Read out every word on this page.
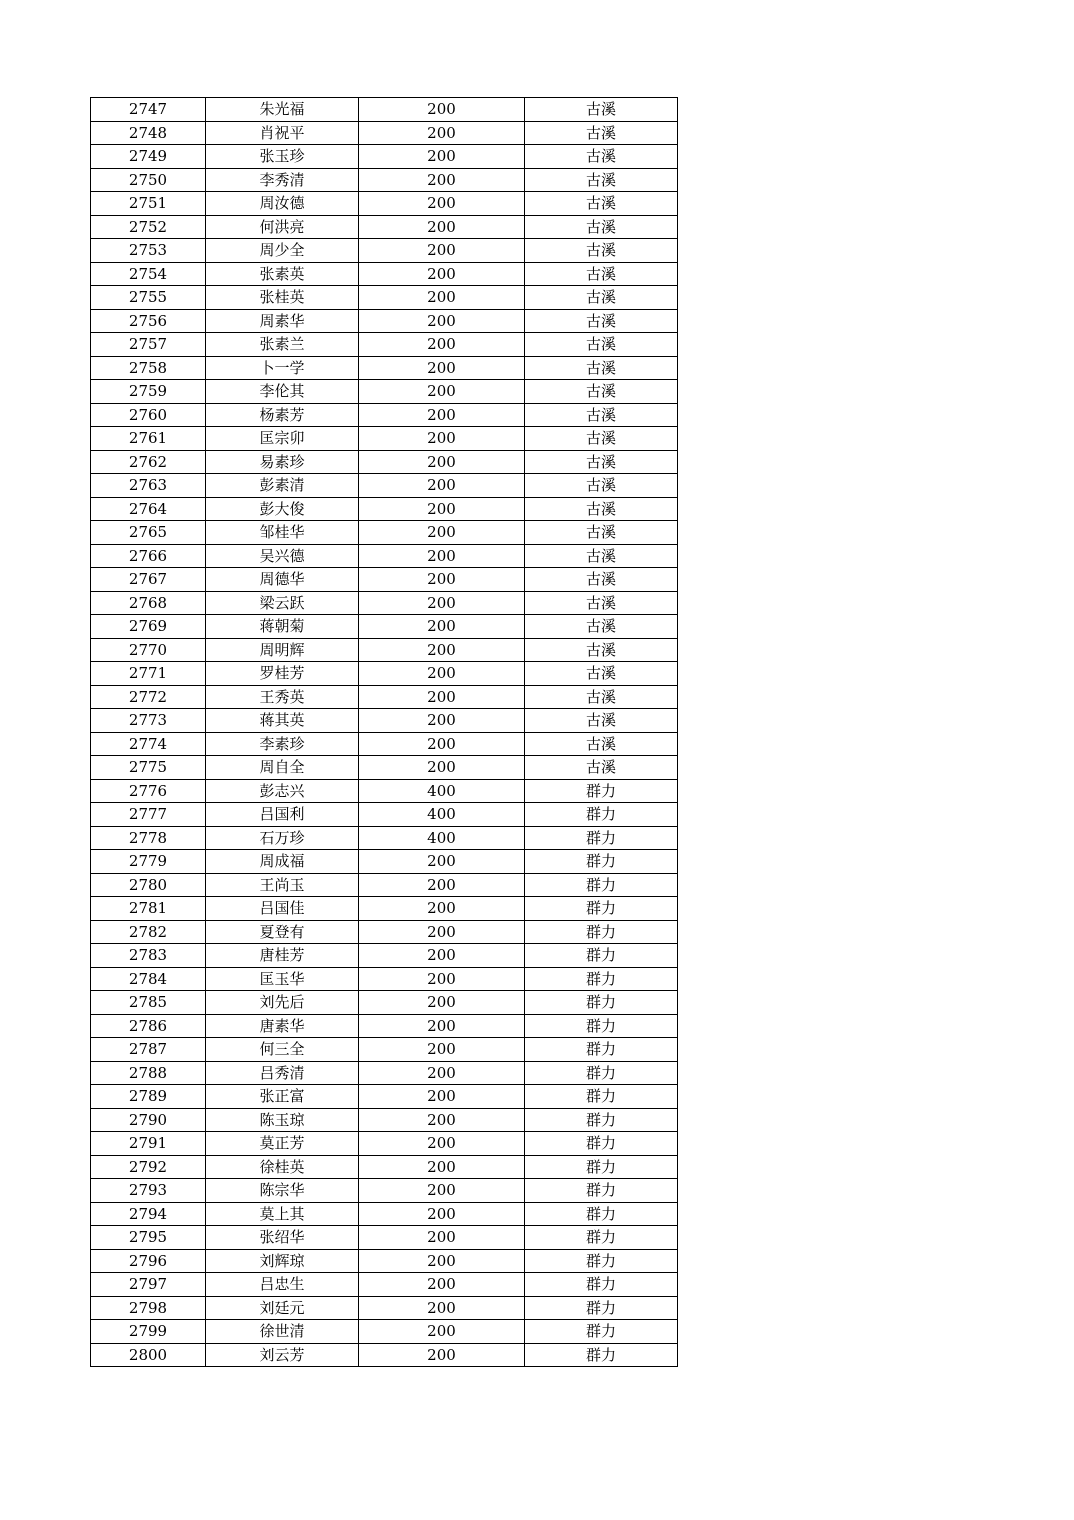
2747	朱光福	200	古溪
2748	肖祝平	200	古溪
2749	张玉珍	200	古溪
2750	李秀清	200	古溪
2751	周汝德	200	古溪
2752	何洪亮	200	古溪
2753	周少全	200	古溪
2754	张素英	200	古溪
2755	张桂英	200	古溪
2756	周素华	200	古溪
2757	张素兰	200	古溪
2758	卜一学	200	古溪
2759	李伦其	200	古溪
2760	杨素芳	200	古溪
2761	匡宗卯	200	古溪
2762	易素珍	200	古溪
2763	彭素清	200	古溪
2764	彭大俊	200	古溪
2765	邹桂华	200	古溪
2766	吴兴德	200	古溪
2767	周德华	200	古溪
2768	梁云跃	200	古溪
2769	蒋朝菊	200	古溪
2770	周明辉	200	古溪
2771	罗桂芳	200	古溪
2772	王秀英	200	古溪
2773	蒋其英	200	古溪
2774	李素珍	200	古溪
2775	周自全	200	古溪
2776	彭志兴	400	群力
2777	吕国利	400	群力
2778	石万珍	400	群力
2779	周成福	200	群力
2780	王尚玉	200	群力
2781	吕国佳	200	群力
2782	夏登有	200	群力
2783	唐桂芳	200	群力
2784	匡玉华	200	群力
2785	刘先后	200	群力
2786	唐素华	200	群力
2787	何三全	200	群力
2788	吕秀清	200	群力
2789	张正富	200	群力
2790	陈玉琼	200	群力
2791	莫正芳	200	群力
2792	徐桂英	200	群力
2793	陈宗华	200	群力
2794	莫上其	200	群力
2795	张绍华	200	群力
2796	刘辉琼	200	群力
2797	吕忠生	200	群力
2798	刘廷元	200	群力
2799	徐世清	200	群力
2800	刘云芳	200	群力
